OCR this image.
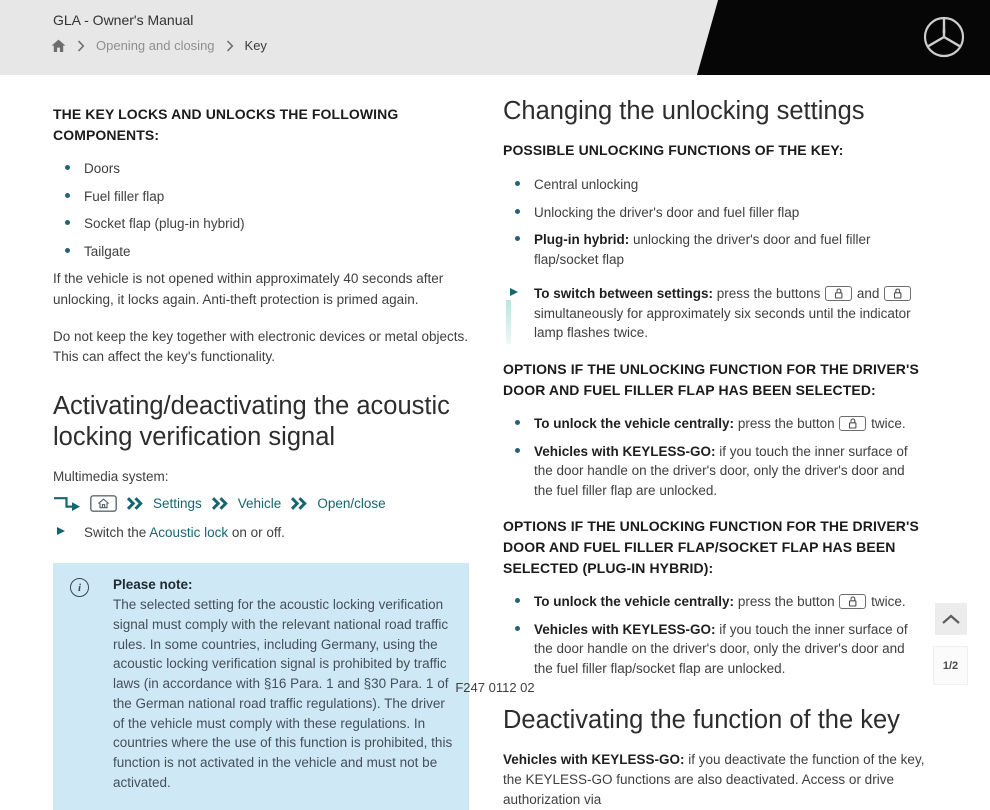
GLA - Owner's Manual
Opening and closing Key
THE KEY LOCKS AND UNLOCKS THE FOLLOWING COMPONENTS:
Doors
Fuel filler flap
Socket flap (plug-in hybrid)
Tailgate

If the vehicle is not opened within approximately 40 seconds after unlocking, it locks again. Anti-theft protection is primed again.

Do not keep the key together with electronic devices or metal objects. This can affect the key's functionality.

Activating/deactivating the acoustic locking verification signal

Multimedia system:

Settings	Vehicle	Open/close
Switch the Acoustic lock on or off.
i	Please note:
The selected setting for the acoustic locking verification signal must comply with the relevant national road traffic rules. In some countries, including Germany, using the acoustic locking verification signal is prohibited by traffic laws (in accordance with §16 Para. 1 and §30 Para. 1 of the German national road traffic regulations). The driver of the vehicle must comply with these regulations. In countries where the use of this function is prohibited, this function is not activated in the vehicle and must not be activated.
Changing the unlocking settings
POSSIBLE UNLOCKING FUNCTIONS OF THE KEY:
Central unlocking
Unlocking the driver's door and fuel filler flap
Plug-in hybrid: unlocking the driver's door and fuel filler flap/socket flap
To switch between settings: press the buttons
and
simultaneously for approximately six seconds until the indicator lamp flashes twice.
OPTIONS IF THE UNLOCKING FUNCTION FOR THE DRIVER'S DOOR AND FUEL FILLER FLAP HAS BEEN SELECTED:
To unlock the vehicle centrally: press the button
twice.
Vehicles with KEYLESS-GO: if you touch the inner surface of the door handle on the driver's door, only the driver's door and the fuel filler flap are unlocked.
OPTIONS IF THE UNLOCKING FUNCTION FOR THE DRIVER'S DOOR AND FUEL FILLER FLAP/SOCKET FLAP HAS BEEN SELECTED (PLUG-IN HYBRID):
To unlock the vehicle centrally: press the button
twice.
Vehicles with KEYLESS-GO: if you touch the inner surface of the door handle on the driver's door, only the driver's door and the fuel filler flap/socket flap are unlocked.
Deactivating the function of the key

Vehicles with KEYLESS-GO: if you deactivate the function of the key, the KEYLESS-GO functions are also deactivated. Access or drive authorization via

1/2
F247 0112 02
